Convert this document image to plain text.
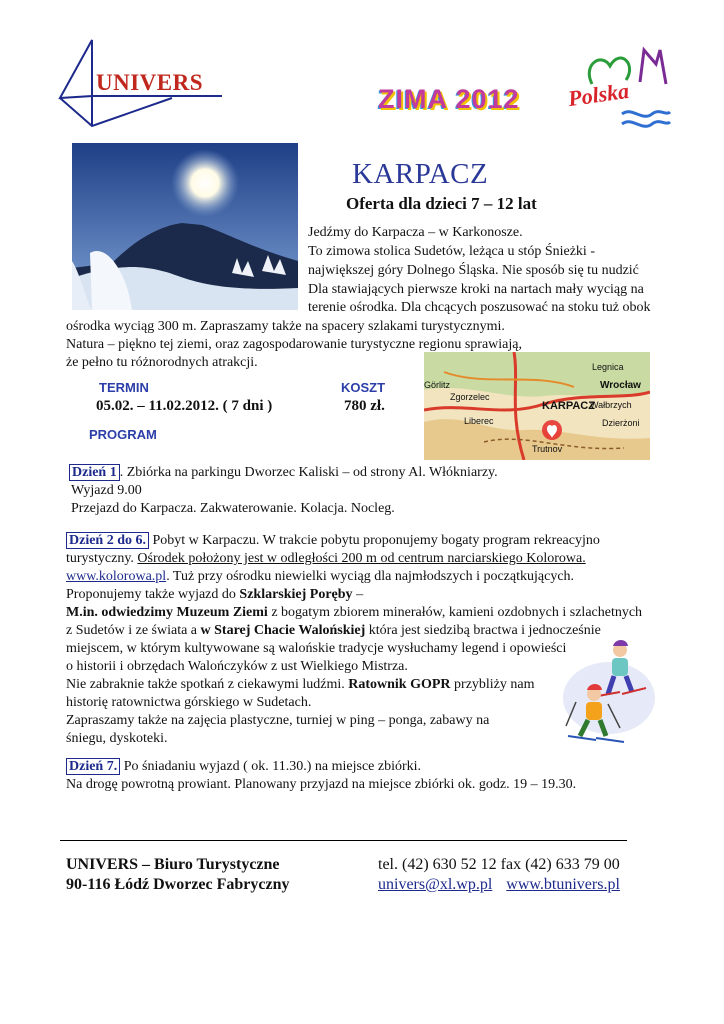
UNIVERS
ZIMA 2012 Polska
KARPACZ
Oferta dla dzieci 7 – 12 lat
Jedźmy do Karpacza – w Karkonosze.
To zimowa stolica Sudetów, leżąca u stóp Śnieżki -
największej góry Dolnego Śląska. Nie sposób się tu nudzić
Dla stawiających pierwsze kroki na nartach mały wyciąg na
terenie ośrodka. Dla chcących poszusować na stoku tuż obok
ośrodka wyciąg 300 m. Zapraszamy także na spacery szlakami turystycznymi.
Natura – piękno tej ziemi, oraz zagospodarowanie turystyczne regionu sprawiają,
że pełno tu różnorodnych atrakcji.
TERMIN	KOSZT
05.02. – 11.02.2012. ( 7 dni )	780 zł.
PROGRAM
Görlitz
Zgorzelec
Legnica
Wrocław
Wałbrzych
Liberec	Dzierżoni
Trutnov
KARPACZ
Dzień 1 . Zbiórka na parkingu Dworzec Kaliski – od strony Al. Włókniarzy.
Wyjazd 9.00
Przejazd do Karpacza. Zakwaterowanie. Kolacja. Nocleg.
Dzień 2 do 6. Pobyt w Karpaczu. W trakcie pobytu proponujemy bogaty program rekreacyjno
turystyczny. Ośrodek położony jest w odległości 200 m od centrum narciarskiego Kolorowa.
www.kolorowa.pl. Tuż przy ośrodku niewielki wyciąg dla najmłodszych i początkujących.
Proponujemy także wyjazd do Szklarskiej Poręby –
M.in. odwiedzimy Muzeum Ziemi z bogatym zbiorem minerałów, kamieni ozdobnych i szlachetnych
z Sudetów i ze świata a w Starej Chacie Walońskiej która jest siedzibą bractwa i jednocześnie
miejscem, w którym kultywowane są walońskie tradycje wysłuchamy legend i opowieści
o historii i obrzędach Walończyków z ust Wielkiego Mistrza.
Nie zabraknie także spotkań z ciekawymi ludźmi. Ratownik GOPR przybliży nam
historię ratownictwa górskiego w Sudetach.
Zapraszamy także na zajęcia plastyczne, turniej w ping – ponga, zabawy na
śniegu, dyskoteki.
Dzień 7. Po śniadaniu wyjazd ( ok. 11.30.) na miejsce zbiórki.
Na drogę powrotną prowiant. Planowany przyjazd na miejsce zbiórki ok. godz. 19 – 19.30.
UNIVERS – Biuro Turystyczne
90-116 Łódź Dworzec Fabryczny
tel. (42) 630 52 12 fax (42) 633 79 00
univers@xl.wp.pl www.btunivers.pl
